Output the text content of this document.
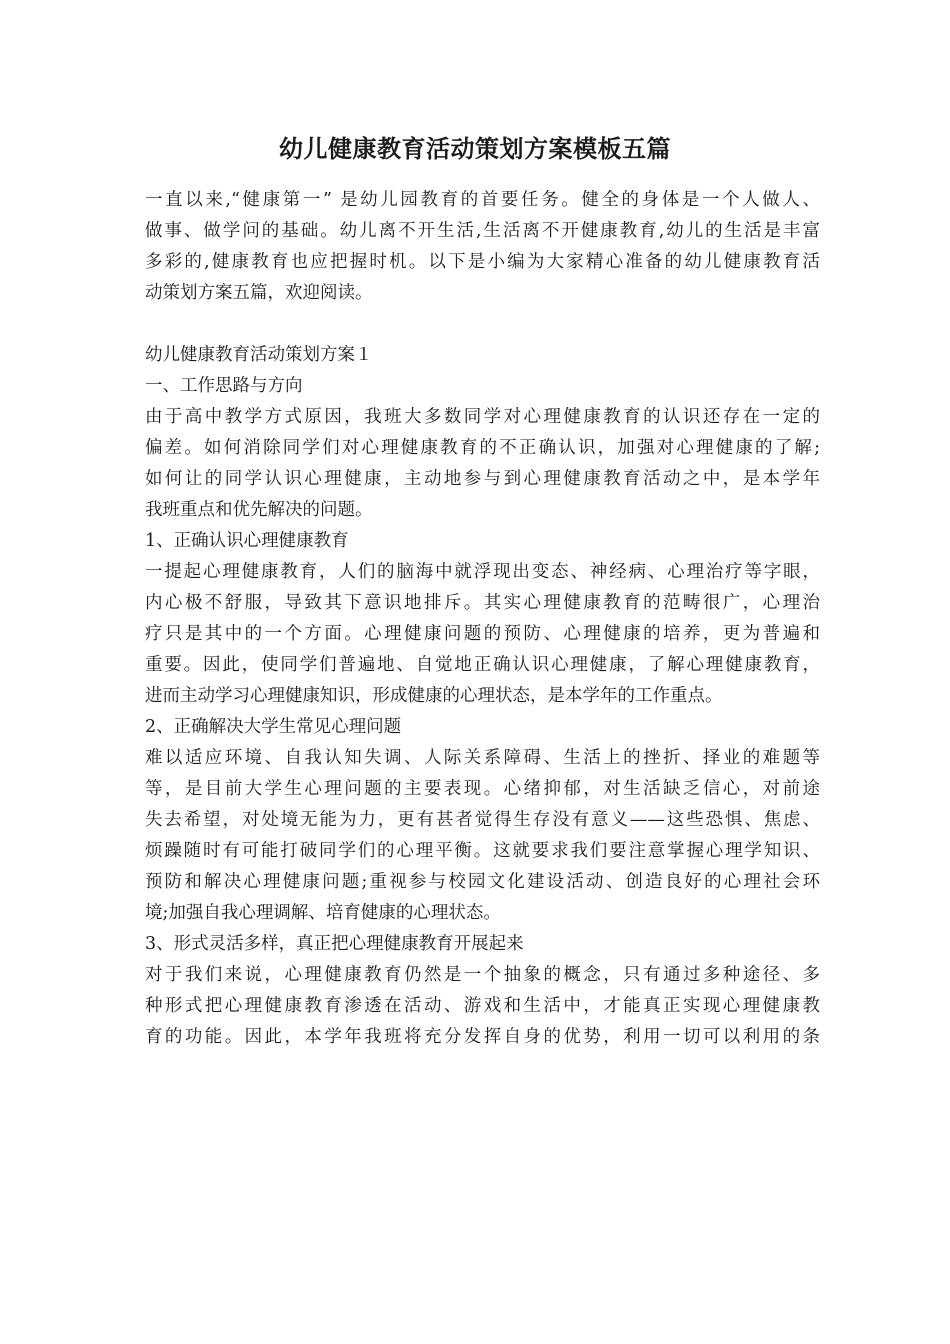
幼儿健康教育活动策划方案模板五篇
一直以来,“健康第一” 是幼儿园教育的首要任务。健全的身体是一个人做人、
做事、做学问的基础。幼儿离不开生活,生活离不开健康教育,幼儿的生活是丰富
多彩的,健康教育也应把握时机。以下是小编为大家精心准备的幼儿健康教育活
动策划方案五篇，欢迎阅读。
幼儿健康教育活动策划方案１
一、工作思路与方向
由于高中教学方式原因，我班大多数同学对心理健康教育的认识还存在一定的
偏差。如何消除同学们对心理健康教育的不正确认识，加强对心理健康的了解;
如何让的同学认识心理健康，主动地参与到心理健康教育活动之中，是本学年
我班重点和优先解决的问题。
1、正确认识心理健康教育
一提起心理健康教育，人们的脑海中就浮现出变态、神经病、心理治疗等字眼，
内心极不舒服，导致其下意识地排斥。其实心理健康教育的范畴很广，心理治
疗只是其中的一个方面。心理健康问题的预防、心理健康的培养，更为普遍和
重要。因此，使同学们普遍地、自觉地正确认识心理健康，了解心理健康教育，
进而主动学习心理健康知识，形成健康的心理状态，是本学年的工作重点。
2、正确解决大学生常见心理问题
难以适应环境、自我认知失调、人际关系障碍、生活上的挫折、择业的难题等
等，是目前大学生心理问题的主要表现。心绪抑郁，对生活缺乏信心，对前途
失去希望，对处境无能为力，更有甚者觉得生存没有意义——这些恐惧、焦虑、
烦躁随时有可能打破同学们的心理平衡。这就要求我们要注意掌握心理学知识、
预防和解决心理健康问题;重视参与校园文化建设活动、创造良好的心理社会环
境;加强自我心理调解、培育健康的心理状态。
3、形式灵活多样，真正把心理健康教育开展起来
对于我们来说，心理健康教育仍然是一个抽象的概念，只有通过多种途径、多
种形式把心理健康教育渗透在活动、游戏和生活中，才能真正实现心理健康教
育的功能。因此，本学年我班将充分发挥自身的优势，利用一切可以利用的条
